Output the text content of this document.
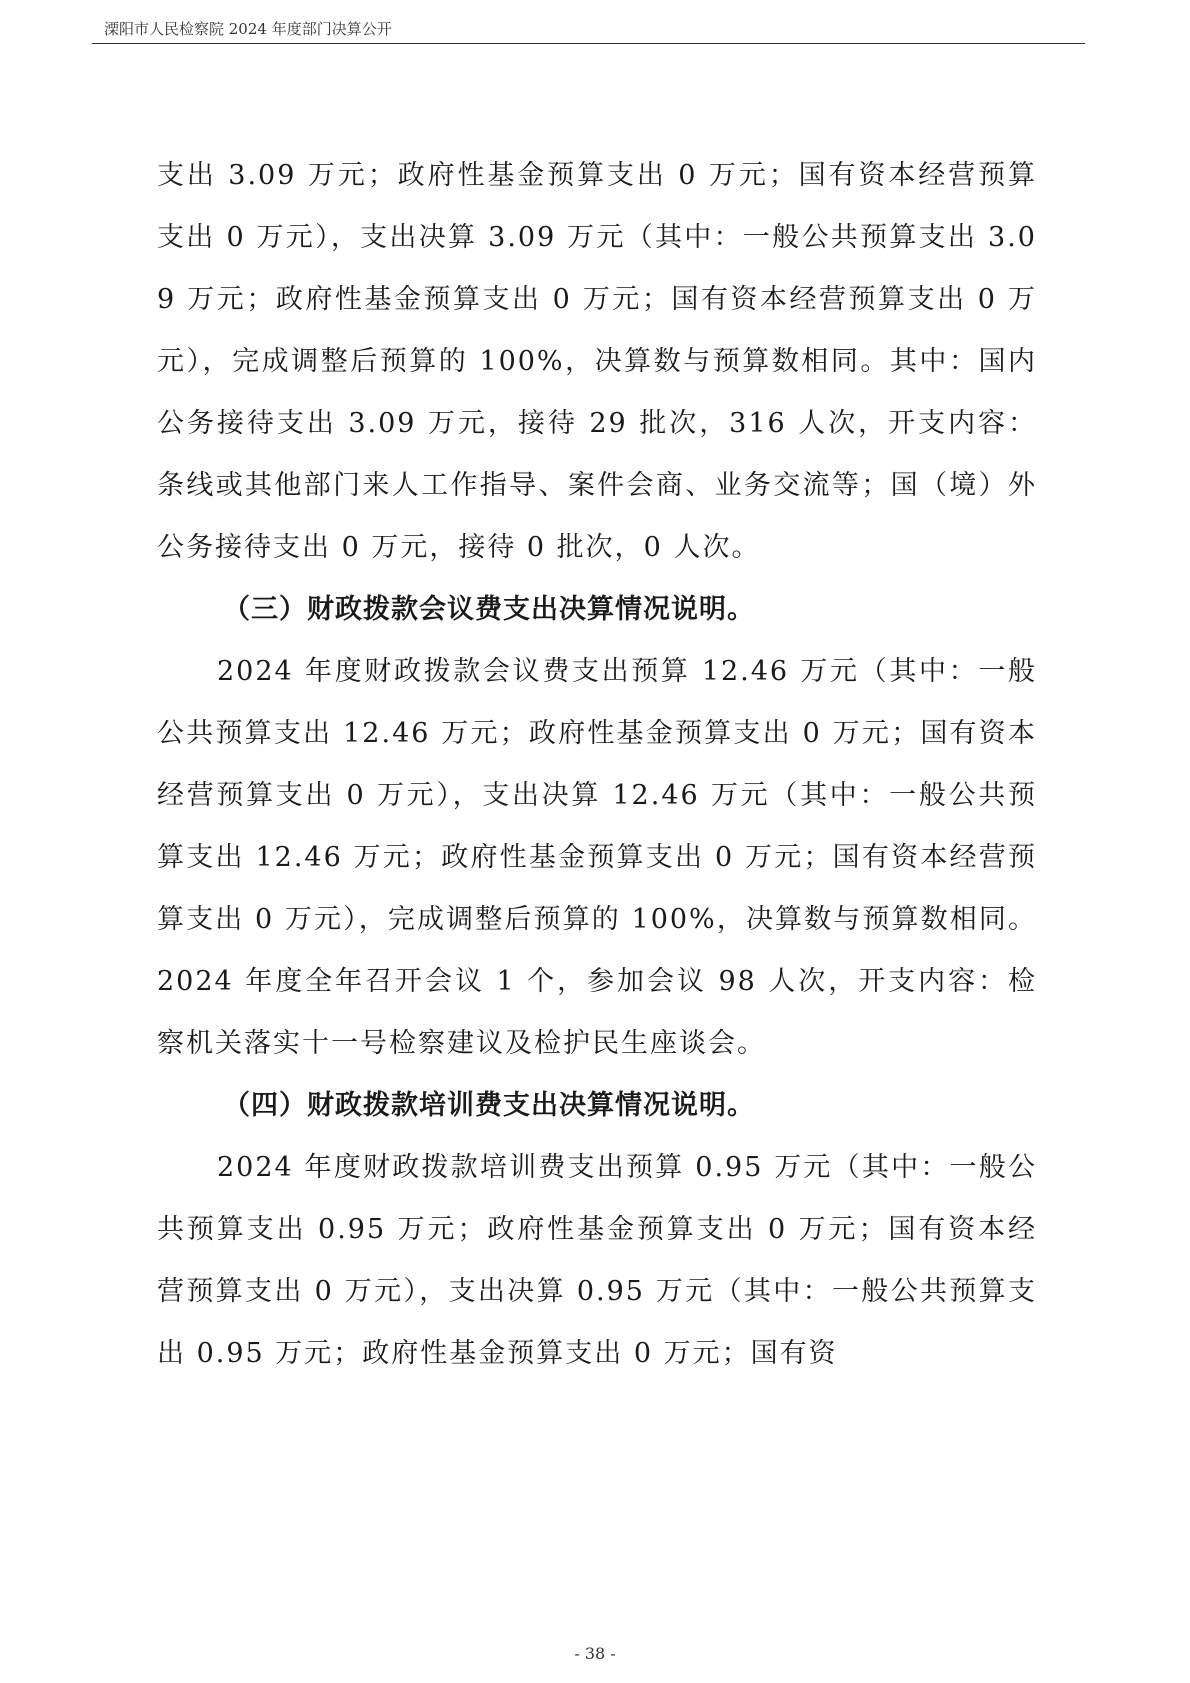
溧阳市人民检察院 2024 年度部门决算公开

支出 3.09 万元；政府性基金预算支出 0 万元；国有资本经营预算支出 0 万元），支出决算 3.09 万元（其中：一般公共预算支出 3.09 万元；政府性基金预算支出 0 万元；国有资本经营预算支出 0 万元），完成调整后预算的 100%，决算数与预算数相同。其中：国内公务接待支出 3.09 万元，接待 29 批次，316 人次，开支内容：条线或其他部门来人工作指导、案件会商、业务交流等；国（境）外公务接待支出 0 万元，接待 0 批次，0 人次。

（三）财政拨款会议费支出决算情况说明。

2024 年度财政拨款会议费支出预算 12.46 万元（其中：一般公共预算支出 12.46 万元；政府性基金预算支出 0 万元；国有资本经营预算支出 0 万元），支出决算 12.46 万元（其中：一般公共预算支出 12.46 万元；政府性基金预算支出 0 万元；国有资本经营预算支出 0 万元），完成调整后预算的 100%，决算数与预算数相同。2024 年度全年召开会议 1 个，参加会议 98 人次，开支内容：检察机关落实十一号检察建议及检护民生座谈会。

（四）财政拨款培训费支出决算情况说明。

2024 年度财政拨款培训费支出预算 0.95 万元（其中：一般公共预算支出 0.95 万元；政府性基金预算支出 0 万元；国有资本经营预算支出 0 万元），支出决算 0.95 万元（其中：一般公共预算支出 0.95 万元；政府性基金预算支出 0 万元；国有资

- 38 -
